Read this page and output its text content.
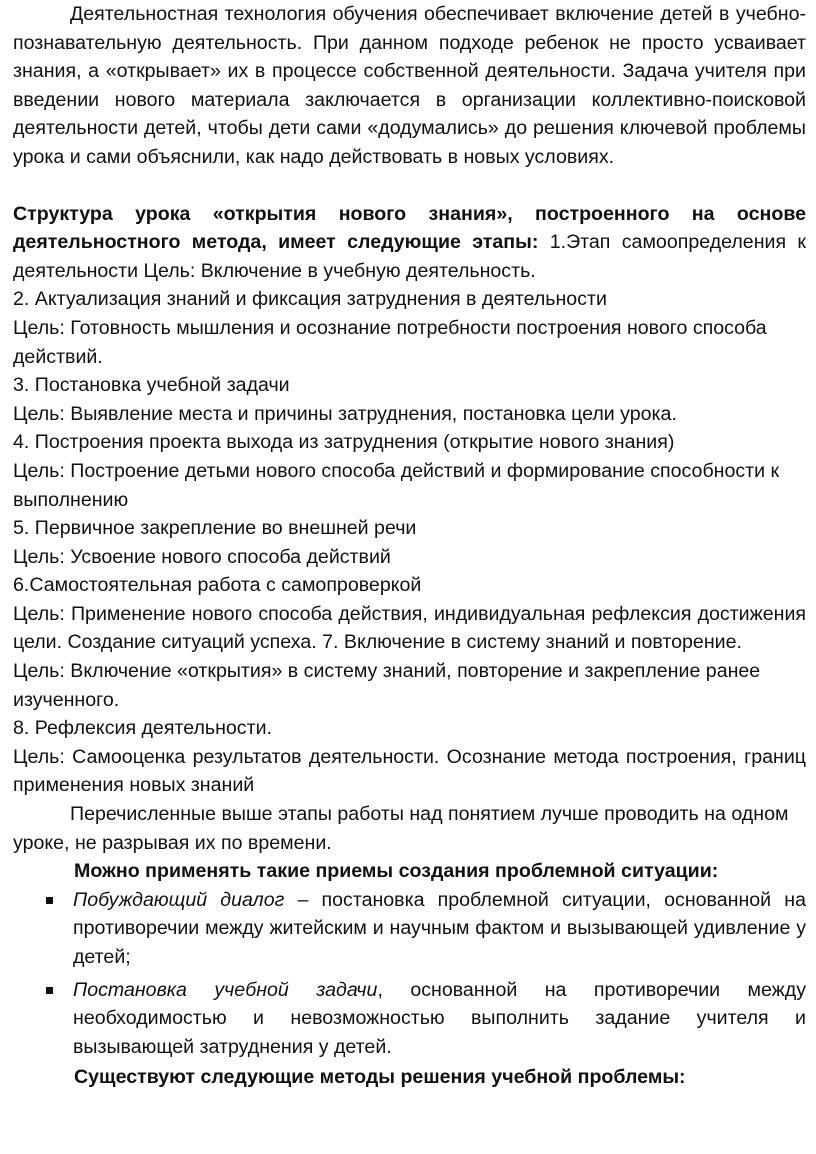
Деятельностная технология обучения обеспечивает включение детей в учебно-познавательную деятельность. При данном подходе ребенок не просто усваивает знания, а «открывает» их в процессе собственной деятельности. Задача учителя при введении нового материала заключается в организации коллективно-поисковой деятельности детей, чтобы дети сами «додумались» до решения ключевой проблемы урока и сами объяснили, как надо действовать в новых условиях.

Структура урока «открытия нового знания», построенного на основе деятельностного метода, имеет следующие этапы: 1.Этап самоопределения к деятельности Цель: Включение в учебную деятельность.

2. Актуализация знаний и фиксация затруднения в деятельности

Цель: Готовность мышления и осознание потребности построения нового способа действий.

3. Постановка учебной задачи

Цель: Выявление места и причины затруднения, постановка цели урока.

4. Построения проекта выхода из затруднения (открытие нового знания)

Цель: Построение детьми нового способа действий и формирование способности к выполнению

5. Первичное закрепление во внешней речи

Цель: Усвоение нового способа действий

6.Самостоятельная работа с самопроверкой

Цель: Применение нового способа действия, индивидуальная рефлексия достижения цели. Создание ситуаций успеха. 7. Включение в систему знаний и повторение.

Цель: Включение «открытия» в систему знаний, повторение и закрепление ранее изученного.

8. Рефлексия деятельности.

Цель: Самооценка результатов деятельности. Осознание метода построения, границ применения новых знаний

Перечисленные выше этапы работы над понятием лучше проводить на одном уроке, не разрывая их по времени.

Можно применять такие приемы создания проблемной ситуации:

Побуждающий диалог – постановка проблемной ситуации, основанной на противоречии между житейским и научным фактом и вызывающей удивление у детей;
Постановка учебной задачи, основанной на противоречии между необходимостью и невозможностью выполнить задание учителя и вызывающей затруднения у детей.

Существуют следующие методы решения учебной проблемы:
